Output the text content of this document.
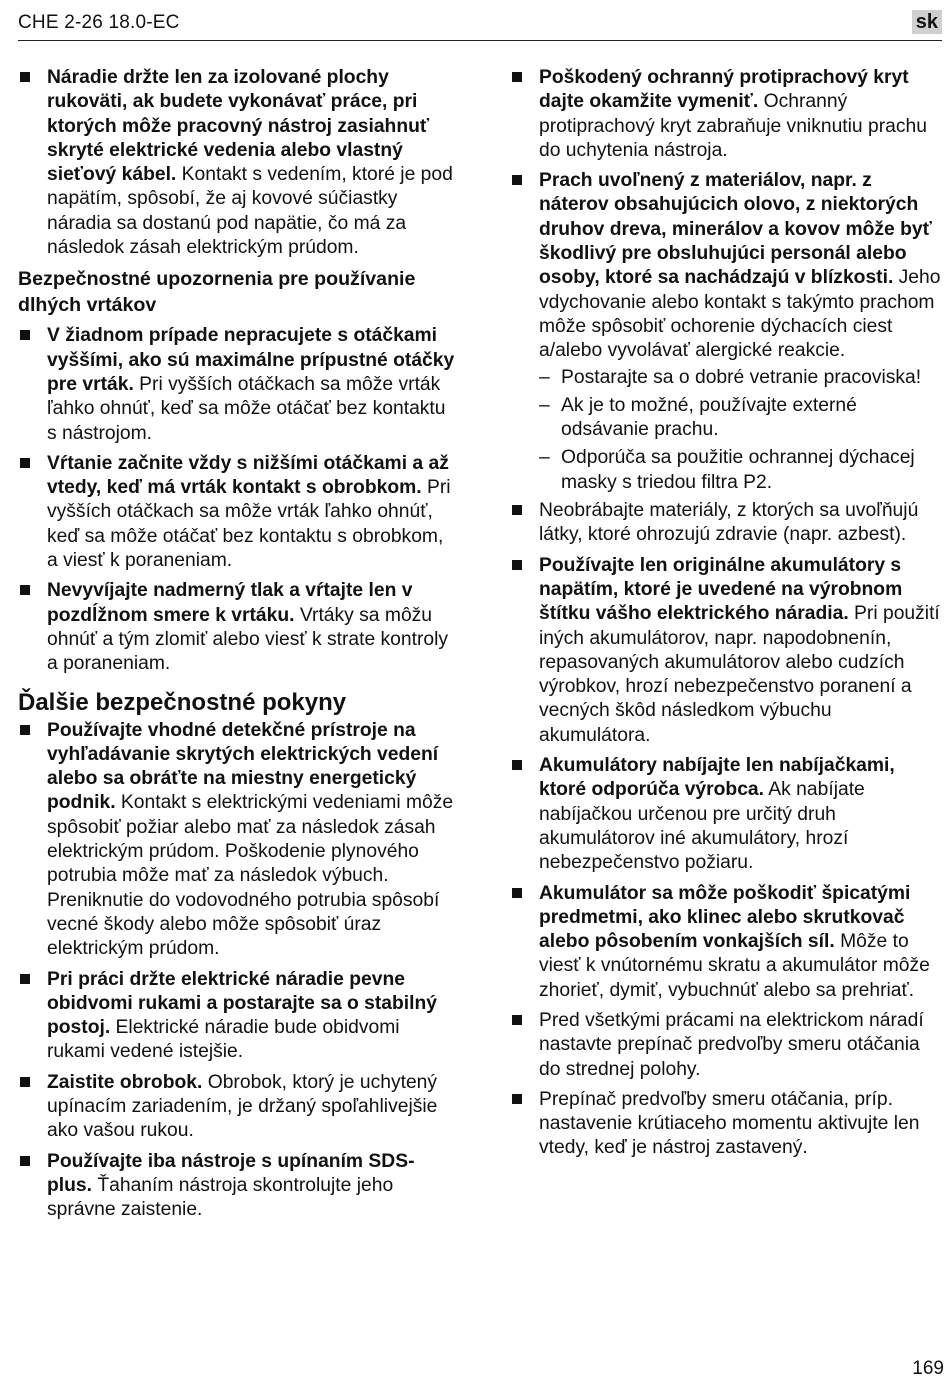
CHE 2-26 18.0-EC	sk
Náradie držte len za izolované plochy rukoväti, ak budete vykonávať práce, pri ktorých môže pracovný nástroj zasiahnuť skryté elektrické vedenia alebo vlastný sieťový kábel. Kontakt s vedením, ktoré je pod napätím, spôsobí, že aj kovové súčiastky náradia sa dostanú pod napätie, čo má za následok zásah elektrickým prúdom.
Bezpečnostné upozornenia pre používanie dlhých vrtákov
V žiadnom prípade nepracujete s otáčkami vyššími, ako sú maximálne prípustné otáčky pre vrták. Pri vyšších otáčkach sa môže vrták ľahko ohnúť, keď sa môže otáčať bez kontaktu s nástrojom.
Vŕtanie začnite vždy s nižšími otáčkami a až vtedy, keď má vrták kontakt s obrobkom. Pri vyšších otáčkach sa môže vrták ľahko ohnúť, keď sa môže otáčať bez kontaktu s obrobkom, a viesť k poraneniam.
Nevyvíjajte nadmerný tlak a vŕtajte len v pozdĺžnom smere k vrtáku. Vrtáky sa môžu ohnúť a tým zlomiť alebo viesť k strate kontroly a poraneniam.
Ďalšie bezpečnostné pokyny
Používajte vhodné detekčné prístroje na vyhľadávanie skrytých elektrických vedení alebo sa obráťte na miestny energetický podnik. Kontakt s elektrickými vedeniami môže spôsobiť požiar alebo mať za následok zásah elektrickým prúdom. Poškodenie plynového potrubia môže mať za následok výbuch. Preniknutie do vodovodného potrubia spôsobí vecné škody alebo môže spôsobiť úraz elektrickým prúdom.
Pri práci držte elektrické náradie pevne obidvomi rukami a postarajte sa o stabilný postoj. Elektrické náradie bude obidvomi rukami vedené istejšie.
Zaistite obrobok. Obrobok, ktorý je uchytený upínacím zariadením, je držaný spoľahlivejšie ako vašou rukou.
Používajte iba nástroje s upínaním SDS-plus. Ťahaním nástroja skontrolujte jeho správne zaistenie.
Poškodený ochranný protiprachový kryt dajte okamžite vymeniť. Ochranný protiprachový kryt zabraňuje vniknutiu prachu do uchytenia nástroja.
Prach uvoľnený z materiálov, napr. z náterov obsahujúcich olovo, z niektorých druhov dreva, minerálov a kovov môže byť škodlivý pre obsluhujúci personál alebo osoby, ktoré sa nachádzajú v blízkosti. Jeho vdychovanie alebo kontakt s takýmto prachom môže spôsobiť ochorenie dýchacích ciest a/alebo vyvolávať alergické reakcie.
– Postarajte sa o dobré vetranie pracoviska!
– Ak je to možné, používajte externé odsávanie prachu.
– Odporúča sa použitie ochrannej dýchacej masky s triedou filtra P2.
Neobrábajte materiály, z ktorých sa uvoľňujú látky, ktoré ohrozujú zdravie (napr. azbest).
Používajte len originálne akumulátory s napätím, ktoré je uvedené na výrobnom štítku vášho elektrického náradia. Pri použití iných akumulátorov, napr. napodobnenín, repasovaných akumulátorov alebo cudzích výrobkov, hrozí nebezpečenstvo poranení a vecných škôd následkom výbuchu akumulátora.
Akumulátory nabíjajte len nabíjačkami, ktoré odporúča výrobca. Ak nabíjate nabíjačkou určenou pre určitý druh akumulátorov iné akumulátory, hrozí nebezpečenstvo požiaru.
Akumulátor sa môže poškodiť špicatými predmetmi, ako klinec alebo skrutkovač alebo pôsobením vonkajších síl. Môže to viesť k vnútornému skratu a akumulátor môže zhorieť, dymiť, vybuchnúť alebo sa prehriať.
Pred všetkými prácami na elektrickom náradí nastavte prepínač predvoľby smeru otáčania do strednej polohy.
Prepínač predvoľby smeru otáčania, príp. nastavenie krútiaceho momentu aktivujte len vtedy, keď je nástroj zastavený.
169
